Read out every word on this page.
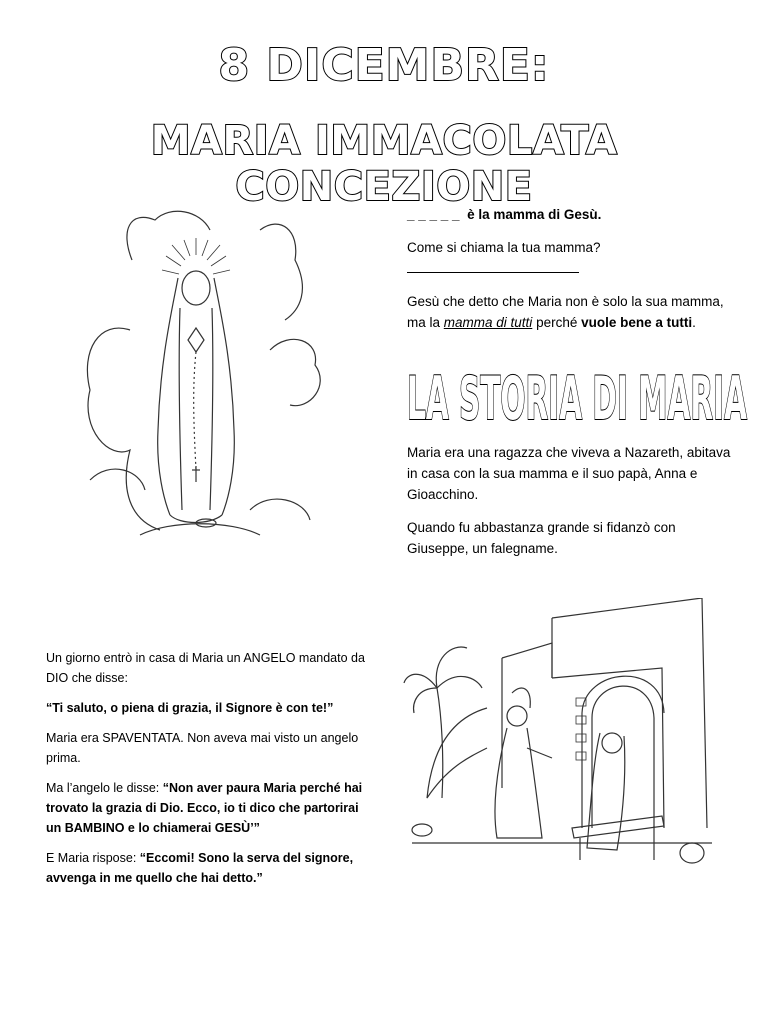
8 DICEMBRE:
MARIA IMMACOLATA CONCEZIONE

_ _ _ _ _ è la mamma di Gesù.

Come si chiama la tua mamma?

Gesù che detto che Maria non è solo la sua mamma, ma la mamma di tutti perché vuole bene a tutti.

LA STORIA DI MARIA

Maria era una ragazza che viveva a Nazareth, abitava in casa con la sua mamma e il suo papà, Anna e Gioacchino.

Quando fu abbastanza grande si fidanzò con Giuseppe, un falegname.

Un giorno entrò in casa di Maria un ANGELO mandato da DIO che disse:

“Ti saluto, o piena di grazia, il Signore è con te!”

Maria era SPAVENTATA. Non aveva mai visto un angelo prima.

Ma l’angelo le disse: “Non aver paura Maria perché hai trovato la grazia di Dio. Ecco, io ti dico che partorirai un BAMBINO e lo chiamerai GESÙ’”

E Maria rispose: “Eccomi! Sono la serva del signore, avvenga in me quello che hai detto.”
